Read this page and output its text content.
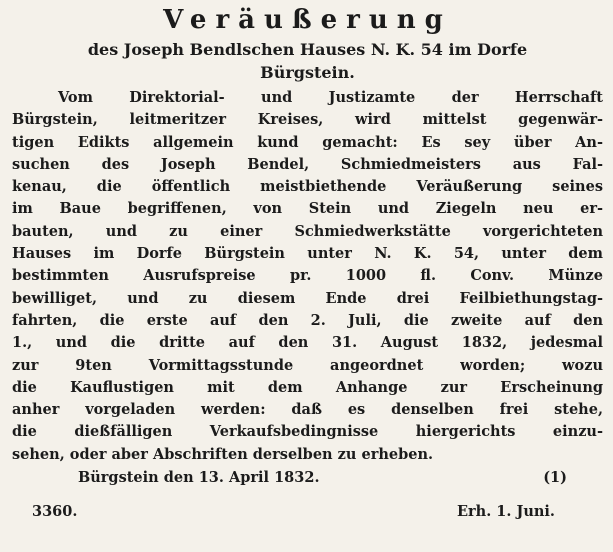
Veräußerung
des Joseph Bendlschen Hauses N. K. 54 im Dorfe
Bürgstein.
Vom Direktorial- und Justizamte der Herrschaft
Bürgstein, leitmeritzer Kreises, wird mittelst gegenwär-
tigen Edikts allgemein kund gemacht: Es sey über An-
suchen des Joseph Bendel, Schmiedmeisters aus Fal-
kenau, die öffentlich meistbiethende Veräußerung seines
im Baue begriffenen, von Stein und Ziegeln neu er-
bauten, und zu einer Schmiedwerkstätte vorgerichteten
Hauses im Dorfe Bürgstein unter N. K. 54, unter dem
bestimmten Ausrufspreise pr. 1000 fl. Conv. Münze
bewilliget, und zu diesem Ende drei Feilbiethungstag-
fahrten, die erste auf den 2. Juli, die zweite auf den
1., und die dritte auf den 31. August 1832, jedesmal
zur 9ten Vormittagsstunde angeordnet worden; wozu
die Kauflustigen mit dem Anhange zur Erscheinung
anher vorgeladen werden: daß es denselben frei stehe,
die dießfälligen Verkaufsbedingnisse hiergerichts einzu-
sehen, oder aber Abschriften derselben zu erheben.
Bürgstein den 13. April 1832.	(1)
3360.	Erh. 1. Juni.
